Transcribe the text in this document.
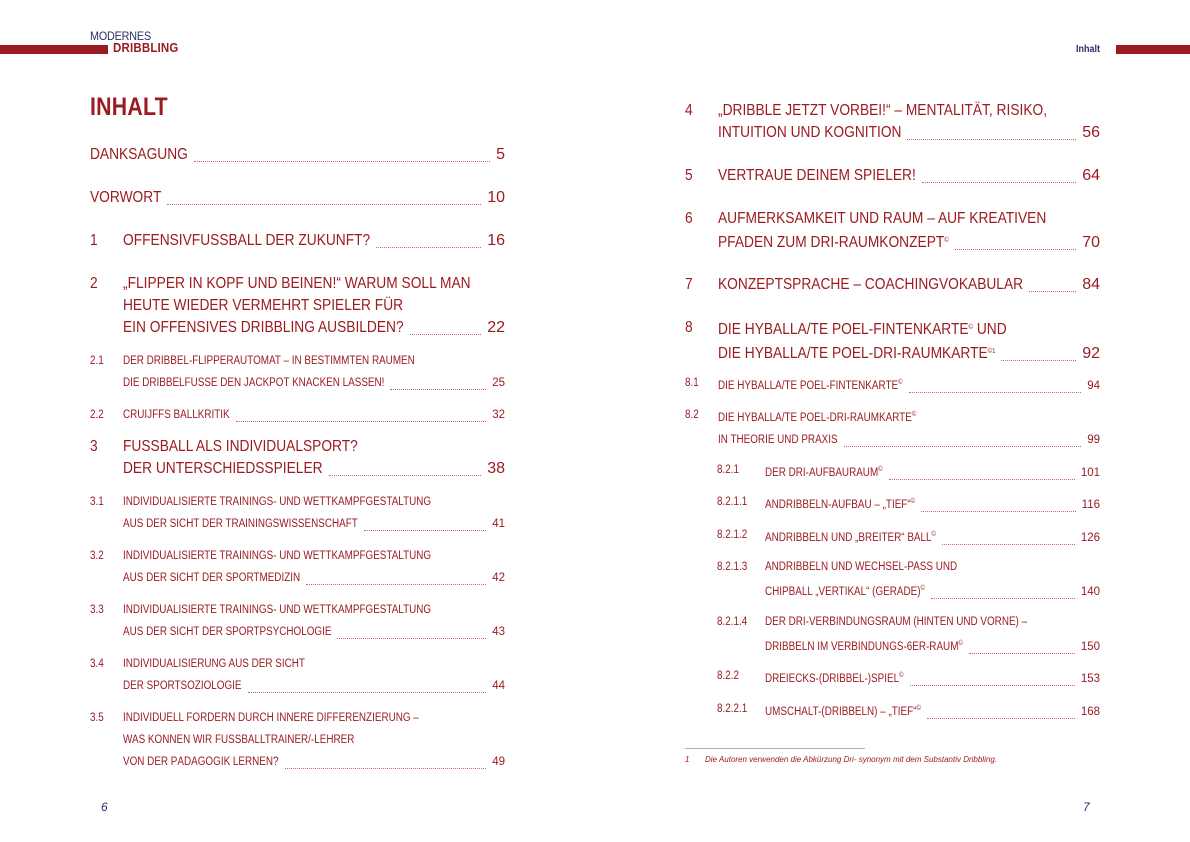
MODERNES
DRIBBLING	Inhalt
INHALT
DANKSAGUNG	5
VORWORT	10
1	OFFENSIVFUSSBALL DER ZUKUNFT?	16
2	„FLIPPER IN KOPF UND BEINEN!“ WARUM SOLL MAN
HEUTE WIEDER VERMEHRT SPIELER FÜR
EIN OFFENSIVES DRIBBLING AUSBILDEN?	22
2.1	DER DRIBBEL-FLIPPERAUTOMAT – IN BESTIMMTEN RÄUMEN
DIE DRIBBELFÜSSE DEN JACKPOT KNACKEN LASSEN!	25
2.2	CRUIJFFS BALLKRITIK	32
3	FUSSBALL ALS INDIVIDUALSPORT?
DER UNTERSCHIEDSSPIELER	38
3.1	INDIVIDUALISIERTE TRAININGS- UND WETTKAMPFGESTALTUNG
AUS DER SICHT DER TRAININGSWISSENSCHAFT	41
3.2	INDIVIDUALISIERTE TRAININGS- UND WETTKAMPFGESTALTUNG
AUS DER SICHT DER SPORTMEDIZIN	42
3.3	INDIVIDUALISIERTE TRAININGS- UND WETTKAMPFGESTALTUNG
AUS DER SICHT DER SPORTPSYCHOLOGIE	43
3.4	INDIVIDUALISIERUNG AUS DER SICHT
DER SPORTSOZIOLOGIE	44
3.5	INDIVIDUELL FÖRDERN DURCH INNERE DIFFERENZIERUNG –
WAS KÖNNEN WIR FUSSBALLTRAINER/-LEHRER
VON DER PÄDAGOGIK LERNEN?	49
4	„DRIBBLE JETZT VORBEI!“ – MENTALITÄT, RISIKO,
INTUITION UND KOGNITION	56
5	VERTRAUE DEINEM SPIELER!	64
6	AUFMERKSAMKEIT UND RAUM – AUF KREATIVEN
PFADEN ZUM DRI-RAUMKONZEPT©	70
7	KONZEPTSPRACHE – COACHINGVOKABULAR	84
8	DIE HYBALLA/TE POEL-FINTENKARTE© UND
DIE HYBALLA/TE POEL-$DRI-RAUMKARTE^{©1}$	92
8.1	DIE HYBALLA/TE POEL-FINTENKARTE©	94
8.2	DIE HYBALLA/TE POEL-DRI-RAUMKARTE©
IN THEORIE UND PRAXIS	99
8.2.1	DER DRI-AUFBAURAUM©	101
8.2.1.1	ANDRIBBELN-AUFBAU – „TIEF“©	116
8.2.1.2	ANDRIBBELN UND „BREITER“ BALL©	126
8.2.1.3	ANDRIBBELN UND WECHSEL-PASS UND
CHIPBALL „VERTIKAL“ (GERADE)©	140
8.2.1.4	DER DRI-VERBINDUNGSRAUM (HINTEN UND VORNE) –
DRIBBELN IM VERBINDUNGS-6ER-RAUM©	150
8.2.2	DREIECKS-(DRIBBEL-)SPIEL©	153
8.2.2.1	UMSCHALT-(DRIBBELN) – „TIEF“©	168
1 Die Autoren verwenden die Abkürzung Dri- synonym mit dem Substantiv Dribbling.
6	7
